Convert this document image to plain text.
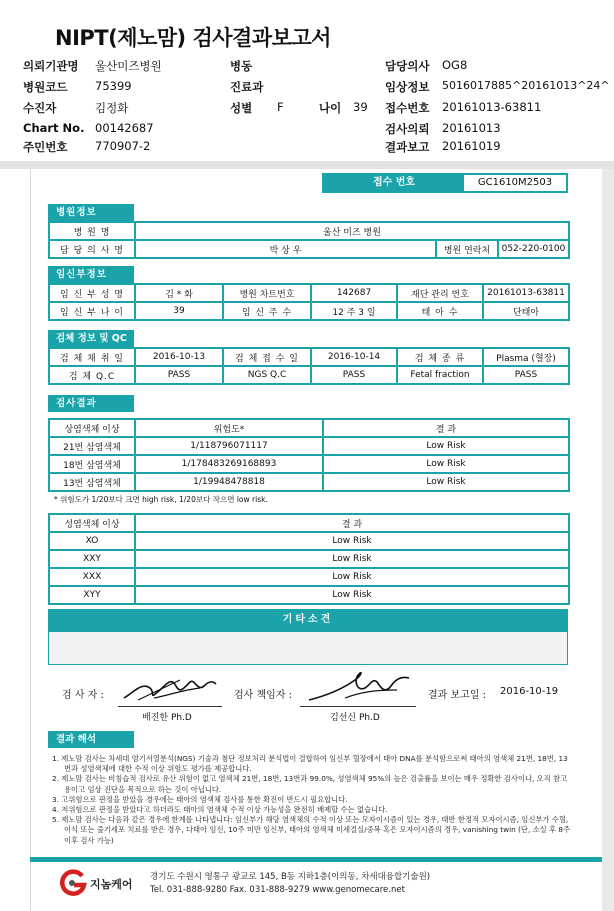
NIPT(제노맘) 검사결과보고서
의뢰기관명 울산미즈병원
병원코드 75399
수진자	김정화
Chart No. 00142687
주민번호 770907-2
병동
진료과
성별 F	나이 39
담당의사 OG8
임상정보 5016017885^20161013^24^
접수번호 20161013-63811
검사의뢰 20161013
결과보고 20161019
접수 번호	GC1610M2503
병원정보
병 원 명	울산 미즈 병원		
담 당 의 사 명	박 상 우	병원 연락처	052-220-0100
임신부정보
임 신 부 성 명	김 * 화	병원 차트번호	142687	재단 관리 번호	20161013-63811
임 신 부 나 이	39	임 신 주 수	12 주 3 일	태 아 수	단태아
검체 정보 및 QC
검 체 채 취 일	2016-10-13	검 체 접 수 일	2016-10-14	검 체 종 류	Plasma (혈장)
검 체 Q.C	PASS	NGS Q.C	PASS	Fetal fraction	PASS
검사결과
상염색체 이상	위험도*	결 과
21번 삼염색체	1/118796071117	Low Risk
18번 삼염색체	1/178483269168893	Low Risk
13번 삼염색체	1/19948478818	Low Risk
* 위험도가 1/20보다 크면 high risk, 1/20보다 작으면 low risk.
성염색체 이상	결 과
XO	Low Risk
XXY	Low Risk
XXX	Low Risk
XYY	Low Risk
기타소견
검 사 자 :
배진한 Ph.D
검사 책임자 :
김선신 Ph.D
결과 보고일 : 2016-10-19
결과 해석
1. 제노맘 검사는 차세대 염기서열분석(NGS) 기술과 첨단 정보처리 분석법이 결합하여 임신부 혈장에서 태아 DNA를 분석함으로써 태아의 염색체 21번, 18번, 13번과 성염색체에 대한 수적 이상 위험도 평가를 제공합니다.
2. 제노맘 검사는 비침습적 검사로 유산 위험이 없고 염색체 21번, 18번, 13번과 99.0%, 성염색체 95%의 높은 검출률을 보이는 매우 정확한 검사이나, 오직 참고용이고 임상 진단을 목적으로 하는 것이 아닙니다.
3. 고위험으로 판정을 받았을 경우에는 태아의 염색체 검사를 통한 확진이 반드시 필요합니다.
4. 저위험으로 판정을 받았다고 하더라도 태아의 염색체 수적 이상 가능성을 완전히 배제할 수는 없습니다.
5. 제노맘 검사는 다음과 같은 경우에 한계를 나타냅니다: 임신부가 해당 염색체의 수적 이상 또는 모자이시즘이 있는 경우, 태반 한정적 모자이시즘, 임신부가 수혈, 이식 또는 줄기세포 치료를 받은 경우, 다태아 임신, 10주 미만 임신부, 태아의 염색체 미세결실/중복 혹은 모자이시즘의 경우, vanishing twin (단, 소실 후 8주 이후 검사 가능)
지놈케어
경기도 수원시 영통구 광교로 145, B동 지하1층(이의동, 차세대융합기술원)
Tel. 031-888-9280 Fax. 031-888-9279 www.genomecare.net
